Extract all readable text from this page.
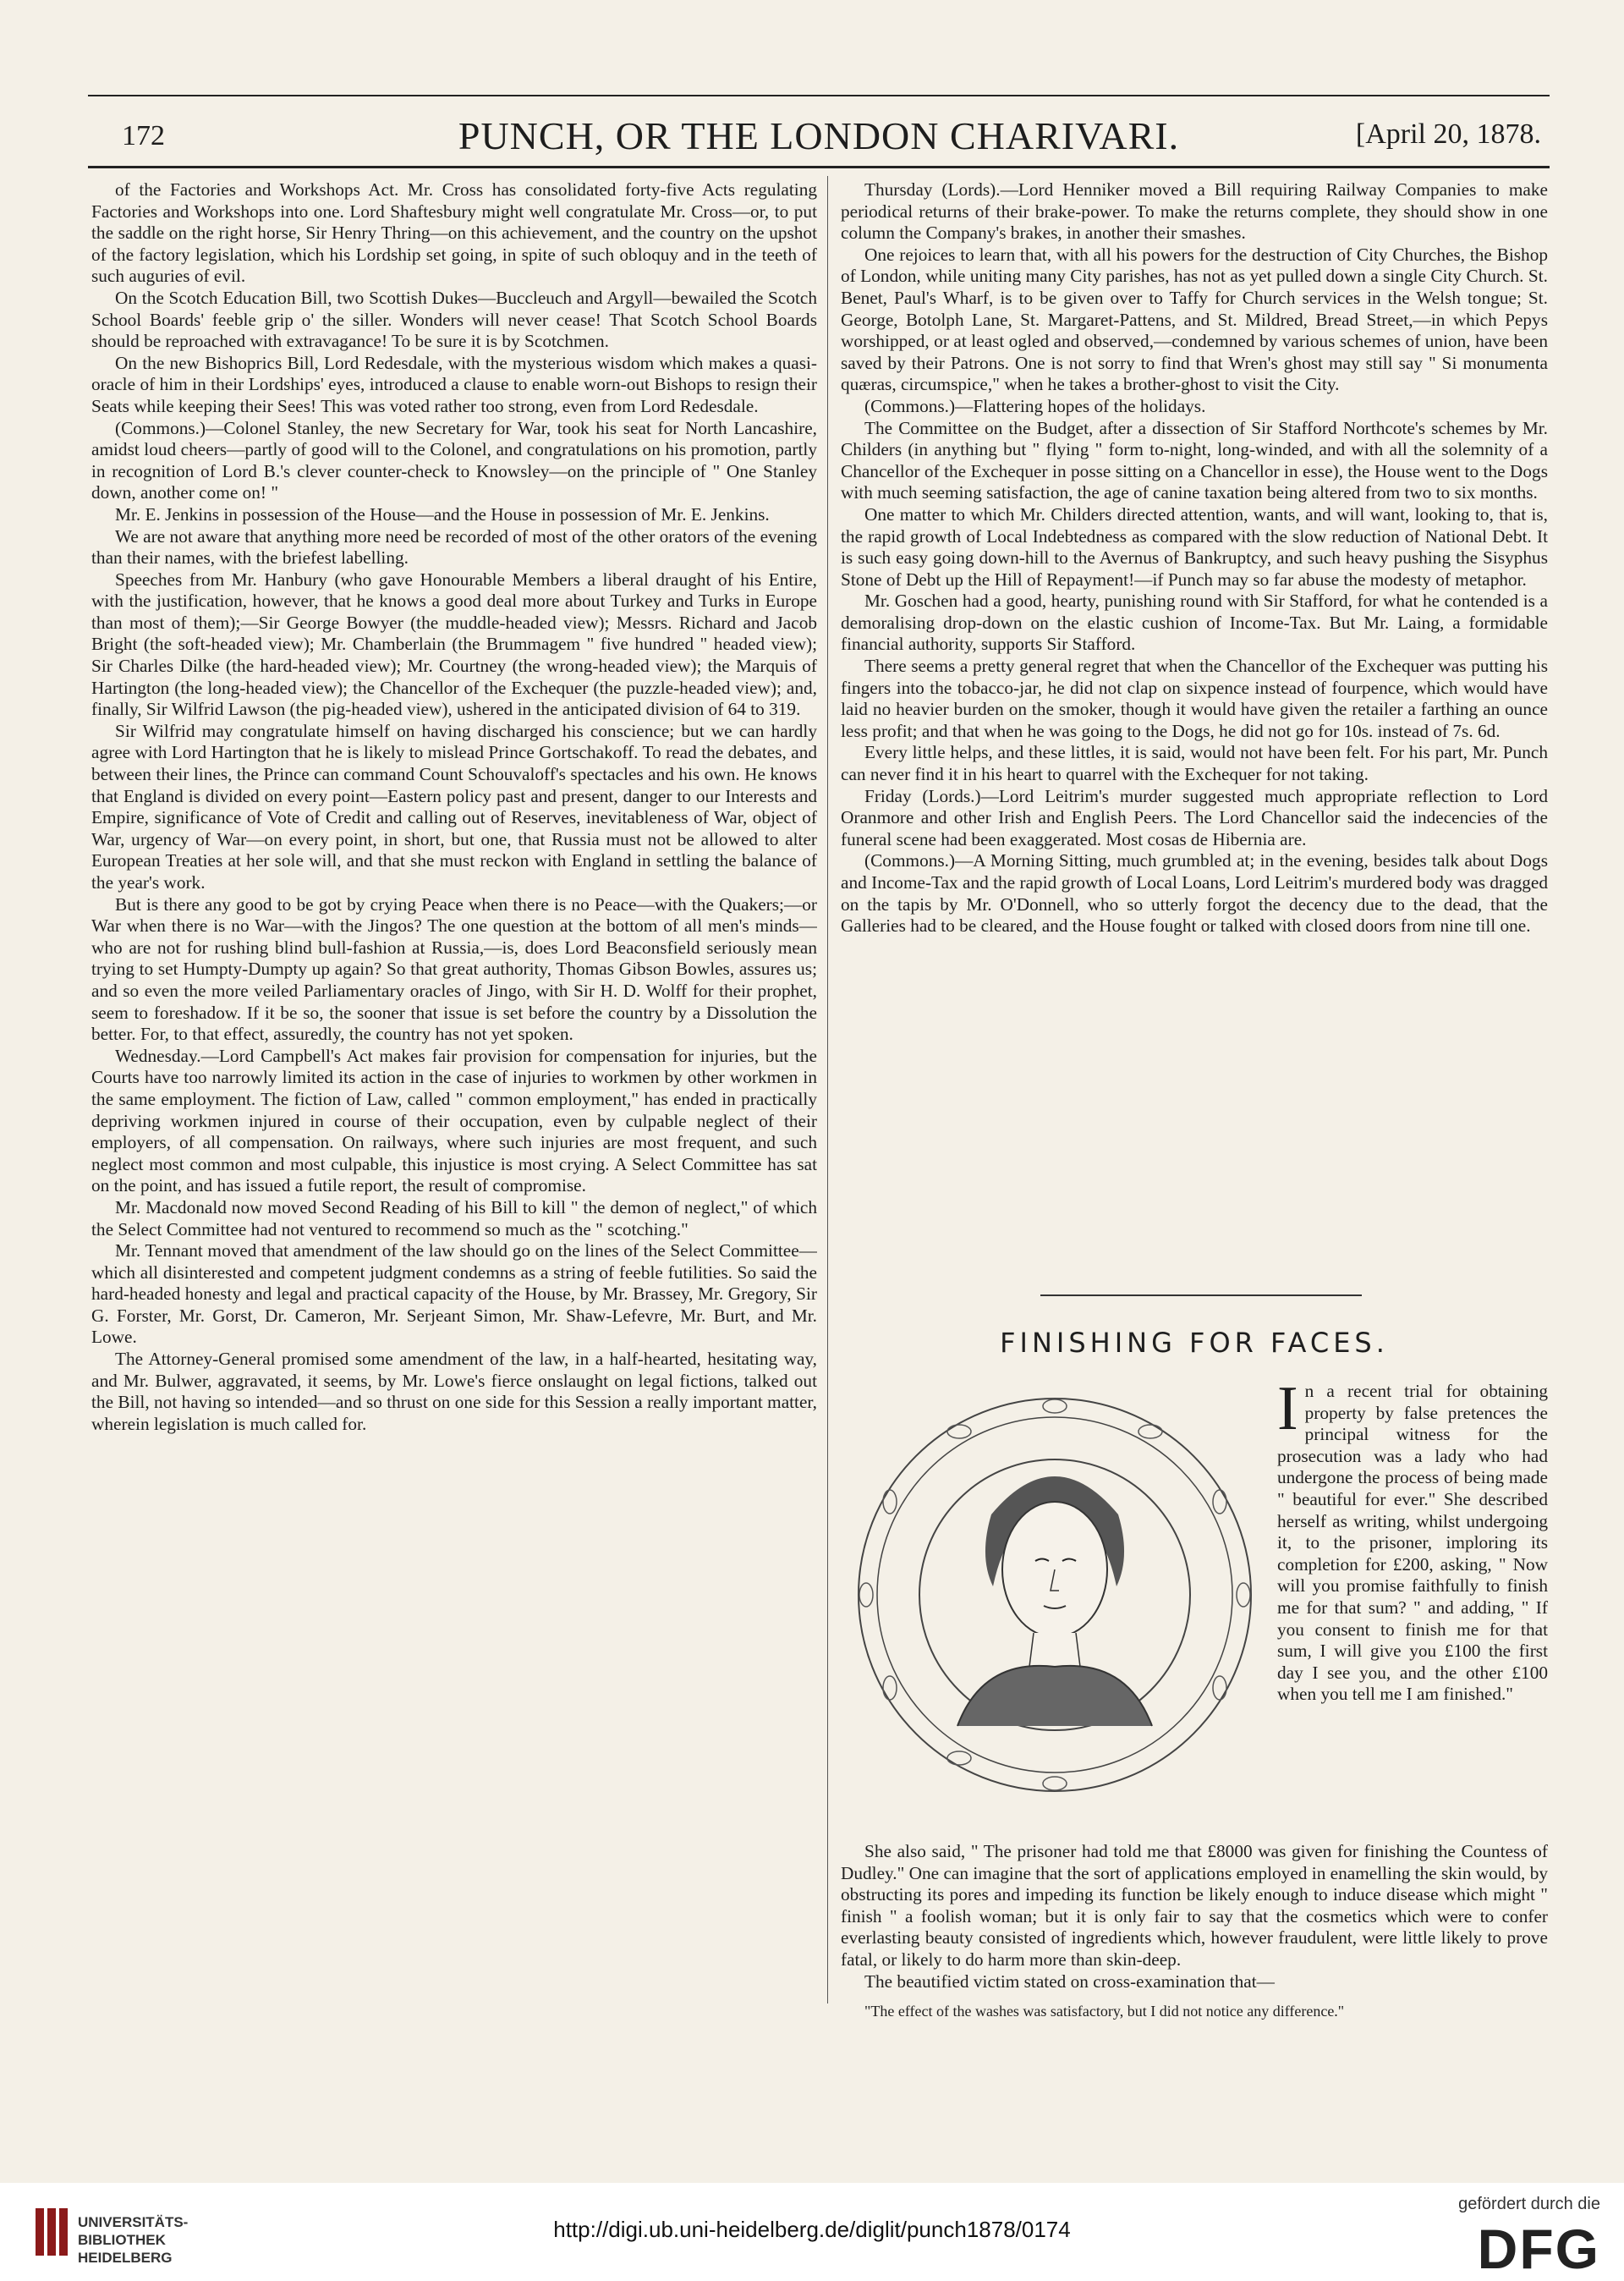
172	PUNCH, OR THE LONDON CHARIVARI.	[April 20, 1878.

of the Factories and Workshops Act. Mr. Cross has consolidated forty-five Acts regulating Factories and Workshops into one. Lord Shaftesbury might well congratulate Mr. Cross—or, to put the saddle on the right horse, Sir Henry Thring—on this achievement, and the country on the upshot of the factory legislation, which his Lordship set going, in spite of such obloquy and in the teeth of such auguries of evil.

On the Scotch Education Bill, two Scottish Dukes—Buccleuch and Argyll—bewailed the Scotch School Boards' feeble grip o' the siller. Wonders will never cease! That Scotch School Boards should be reproached with extravagance! To be sure it is by Scotchmen.

On the new Bishoprics Bill, Lord Redesdale, with the mysterious wisdom which makes a quasi-oracle of him in their Lordships' eyes, introduced a clause to enable worn-out Bishops to resign their Seats while keeping their Sees! This was voted rather too strong, even from Lord Redesdale.

(Commons.)—Colonel Stanley, the new Secretary for War, took his seat for North Lancashire, amidst loud cheers—partly of good will to the Colonel, and congratulations on his promotion, partly in recognition of Lord B.'s clever counter-check to Knowsley—on the principle of " One Stanley down, another come on! "

Mr. E. Jenkins in possession of the House—and the House in possession of Mr. E. Jenkins.

We are not aware that anything more need be recorded of most of the other orators of the evening than their names, with the briefest labelling.

Speeches from Mr. Hanbury (who gave Honourable Members a liberal draught of his Entire, with the justification, however, that he knows a good deal more about Turkey and Turks in Europe than most of them);—Sir George Bowyer (the muddle-headed view); Messrs. Richard and Jacob Bright (the soft-headed view); Mr. Chamberlain (the Brummagem " five hundred " headed view); Sir Charles Dilke (the hard-headed view); Mr. Courtney (the wrong-headed view); the Marquis of Hartington (the long-headed view); the Chancellor of the Exchequer (the puzzle-headed view); and, finally, Sir Wilfrid Lawson (the pig-headed view), ushered in the anticipated division of 64 to 319.

Sir Wilfrid may congratulate himself on having discharged his conscience; but we can hardly agree with Lord Hartington that he is likely to mislead Prince Gortschakoff. To read the debates, and between their lines, the Prince can command Count Schouvaloff's spectacles and his own. He knows that England is divided on every point—Eastern policy past and present, danger to our Interests and Empire, significance of Vote of Credit and calling out of Reserves, inevitableness of War, object of War, urgency of War—on every point, in short, but one, that Russia must not be allowed to alter European Treaties at her sole will, and that she must reckon with England in settling the balance of the year's work.

But is there any good to be got by crying Peace when there is no Peace—with the Quakers;—or War when there is no War—with the Jingos? The one question at the bottom of all men's minds—who are not for rushing blind bull-fashion at Russia,—is, does Lord Beaconsfield seriously mean trying to set Humpty-Dumpty up again? So that great authority, Thomas Gibson Bowles, assures us; and so even the more veiled Parliamentary oracles of Jingo, with Sir H. D. Wolff for their prophet, seem to foreshadow. If it be so, the sooner that issue is set before the country by a Dissolution the better. For, to that effect, assuredly, the country has not yet spoken.

Wednesday.—Lord Campbell's Act makes fair provision for compensation for injuries, but the Courts have too narrowly limited its action in the case of injuries to workmen by other workmen in the same employment. The fiction of Law, called " common employment," has ended in practically depriving workmen injured in course of their occupation, even by culpable neglect of their employers, of all compensation. On railways, where such injuries are most frequent, and such neglect most common and most culpable, this injustice is most crying. A Select Committee has sat on the point, and has issued a futile report, the result of compromise.

Mr. Macdonald now moved Second Reading of his Bill to kill " the demon of neglect," of which the Select Committee had not ventured to recommend so much as the " scotching."

Mr. Tennant moved that amendment of the law should go on the lines of the Select Committee—which all disinterested and competent judgment condemns as a string of feeble futilities. So said the hard-headed honesty and legal and practical capacity of the House, by Mr. Brassey, Mr. Gregory, Sir G. Forster, Mr. Gorst, Dr. Cameron, Mr. Serjeant Simon, Mr. Shaw-Lefevre, Mr. Burt, and Mr. Lowe.

The Attorney-General promised some amendment of the law, in a half-hearted, hesitating way, and Mr. Bulwer, aggravated, it seems, by Mr. Lowe's fierce onslaught on legal fictions, talked out the Bill, not having so intended—and so thrust on one side for this Session a really important matter, wherein legislation is much called for.

Thursday (Lords).—Lord Henniker moved a Bill requiring Railway Companies to make periodical returns of their brake-power. To make the returns complete, they should show in one column the Company's brakes, in another their smashes.

One rejoices to learn that, with all his powers for the destruction of City Churches, the Bishop of London, while uniting many City parishes, has not as yet pulled down a single City Church. St. Benet, Paul's Wharf, is to be given over to Taffy for Church services in the Welsh tongue; St. George, Botolph Lane, St. Margaret-Pattens, and St. Mildred, Bread Street,—in which Pepys worshipped, or at least ogled and observed,—condemned by various schemes of union, have been saved by their Patrons. One is not sorry to find that Wren's ghost may still say " Si monumenta quæras, circumspice," when he takes a brother-ghost to visit the City.

(Commons.)—Flattering hopes of the holidays.

The Committee on the Budget, after a dissection of Sir Stafford Northcote's schemes by Mr. Childers (in anything but " flying " form to-night, long-winded, and with all the solemnity of a Chancellor of the Exchequer in posse sitting on a Chancellor in esse), the House went to the Dogs with much seeming satisfaction, the age of canine taxation being altered from two to six months.

One matter to which Mr. Childers directed attention, wants, and will want, looking to, that is, the rapid growth of Local Indebtedness as compared with the slow reduction of National Debt. It is such easy going down-hill to the Avernus of Bankruptcy, and such heavy pushing the Sisyphus Stone of Debt up the Hill of Repayment!—if Punch may so far abuse the modesty of metaphor.

Mr. Goschen had a good, hearty, punishing round with Sir Stafford, for what he contended is a demoralising drop-down on the elastic cushion of Income-Tax. But Mr. Laing, a formidable financial authority, supports Sir Stafford.

There seems a pretty general regret that when the Chancellor of the Exchequer was putting his fingers into the tobacco-jar, he did not clap on sixpence instead of fourpence, which would have laid no heavier burden on the smoker, though it would have given the retailer a farthing an ounce less profit; and that when he was going to the Dogs, he did not go for 10s. instead of 7s. 6d.

Every little helps, and these littles, it is said, would not have been felt. For his part, Mr. Punch can never find it in his heart to quarrel with the Exchequer for not taking.

Friday (Lords.)—Lord Leitrim's murder suggested much appropriate reflection to Lord Oranmore and other Irish and English Peers. The Lord Chancellor said the indecencies of the funeral scene had been exaggerated. Most cosas de Hibernia are.

(Commons.)—A Morning Sitting, much grumbled at; in the evening, besides talk about Dogs and Income-Tax and the rapid growth of Local Loans, Lord Leitrim's murdered body was dragged on the tapis by Mr. O'Donnell, who so utterly forgot the decency due to the dead, that the Galleries had to be cleared, and the House fought or talked with closed doors from nine till one.

FINISHING FOR FACES.
In a recent trial for obtaining property by false pretences the principal witness for the prosecution was a lady who had undergone the process of being made " beautiful for ever." She described herself as writing, whilst undergoing it, to the prisoner, imploring its completion for £200, asking, " Now will you promise faithfully to finish me for that sum? " and adding, " If you consent to finish me for that sum, I will give you £100 the first day I see you, and the other £100 when you tell me I am finished."

She also said, " The prisoner had told me that £8000 was given for finishing the Countess of Dudley." One can imagine that the sort of applications employed in enamelling the skin would, by obstructing its pores and impeding its function be likely enough to induce disease which might " finish " a foolish woman; but it is only fair to say that the cosmetics which were to confer everlasting beauty consisted of ingredients which, however fraudulent, were little likely to prove fatal, or likely to do harm more than skin-deep.

The beautified victim stated on cross-examination that—

"The effect of the washes was satisfactory, but I did not notice any difference."
UNIVERSITÄTS-
BIBLIOTHEK
HEIDELBERG
http://digi.ub.uni-heidelberg.de/diglit/punch1878/0174
gefördert durch die
DFG
